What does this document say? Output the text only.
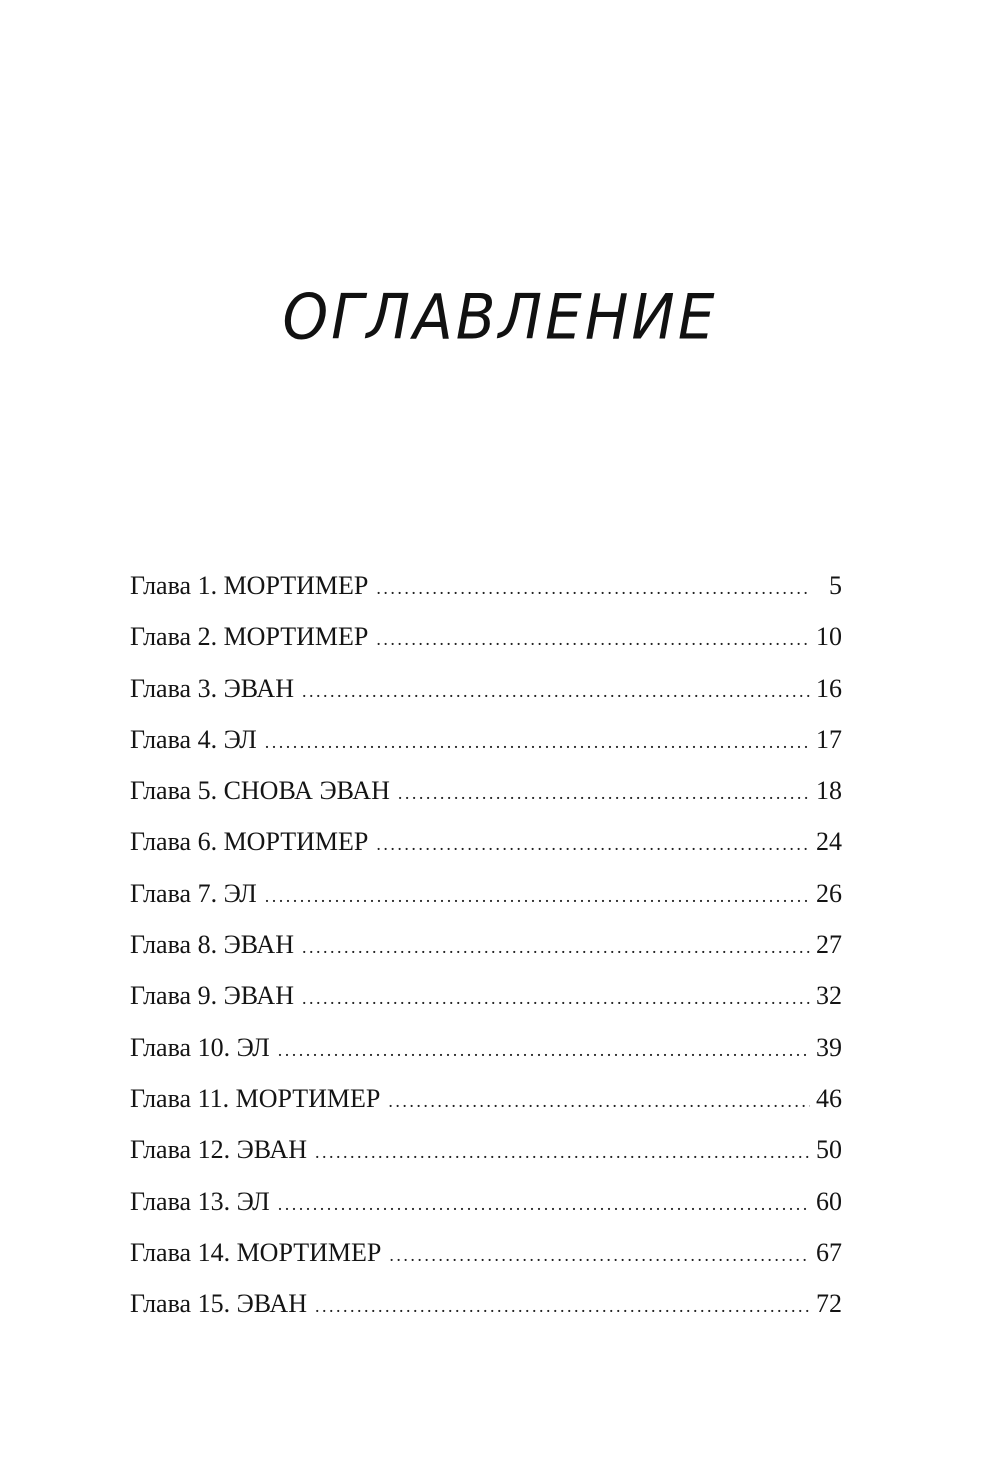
ОГЛАВЛЕНИЕ
Глава 1. МОРТИМЕР . . .	5
Глава 2. МОРТИМЕР . . .	10
Глава 3. ЭВАН . . .	16
Глава 4. ЭЛ . . .	17
Глава 5. СНОВА ЭВАН . . .	18
Глава 6. МОРТИМЕР . . .	24
Глава 7. ЭЛ . . .	26
Глава 8. ЭВАН . . .	27
Глава 9. ЭВАН . . .	32
Глава 10. ЭЛ . . .	39
Глава 11. МОРТИМЕР . . .	46
Глава 12. ЭВАН . . .	50
Глава 13. ЭЛ . . .	60
Глава 14. МОРТИМЕР . . .	67
Глава 15. ЭВАН . . .	72
